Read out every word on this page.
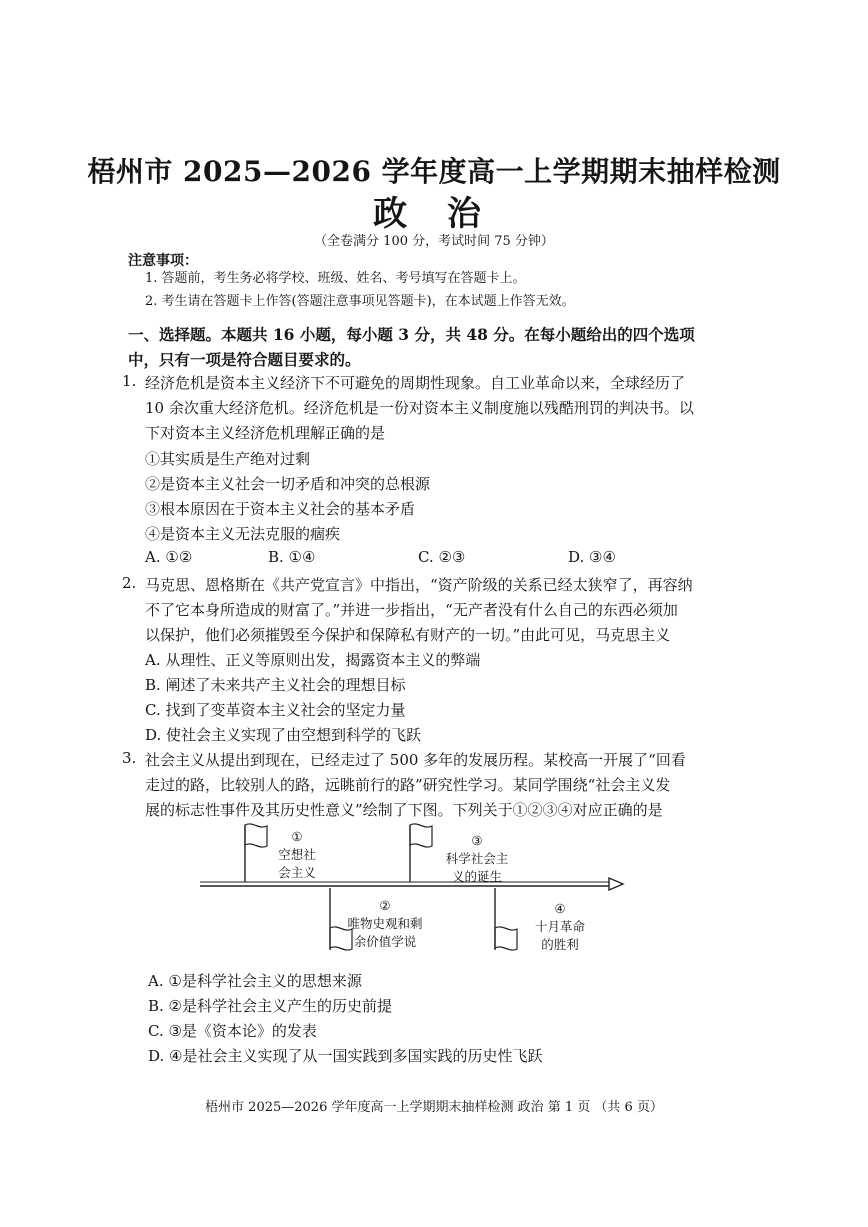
梧州市 2025—2026 学年度高一上学期期末抽样检测
政 治
（全卷满分 100 分，考试时间 75 分钟）
注意事项：
1. 答题前，考生务必将学校、班级、姓名、考号填写在答题卡上。
2. 考生请在答题卡上作答(答题注意事项见答题卡)，在本试题上作答无效。
一、选择题。本题共 16 小题，每小题 3 分，共 48 分。在每小题给出的四个选项中，只有一项是符合题目要求的。
1. 经济危机是资本主义经济下不可避免的周期性现象。自工业革命以来，全球经历了
10 余次重大经济危机。经济危机是一份对资本主义制度施以残酷刑罚的判决书。以
下对资本主义经济危机理解正确的是
①其实质是生产绝对过剩
②是资本主义社会一切矛盾和冲突的总根源
③根本原因在于资本主义社会的基本矛盾
④是资本主义无法克服的痼疾
A. ①②	B. ①④	C. ②③	D. ③④
2. 马克思、恩格斯在《共产党宣言》中指出，“资产阶级的关系已经太狭窄了，再容纳
不了它本身所造成的财富了。”并进一步指出，“无产者没有什么自己的东西必须加
以保护，他们必须摧毁至今保护和保障私有财产的一切。”由此可见，马克思主义
A. 从理性、正义等原则出发，揭露资本主义的弊端
B. 阐述了未来共产主义社会的理想目标
C. 找到了变革资本主义社会的坚定力量
D. 使社会主义实现了由空想到科学的飞跃
3. 社会主义从提出到现在，已经走过了 500 多年的发展历程。某校高一开展了“回看
走过的路，比较别人的路，远眺前行的路”研究性学习。某同学围绕“社会主义发
展的标志性事件及其历史性意义”绘制了下图。下列关于①②③④对应正确的是
①
空想社
会主义
③
科学社会主
义的诞生
②
唯物史观和剩
余价值学说
④
十月革命
的胜利
A. ①是科学社会主义的思想来源
B. ②是科学社会主义产生的历史前提
C. ③是《资本论》的发表
D. ④是社会主义实现了从一国实践到多国实践的历史性飞跃
梧州市 2025—2026 学年度高一上学期期末抽样检测 政治 第 1 页 （共 6 页）
